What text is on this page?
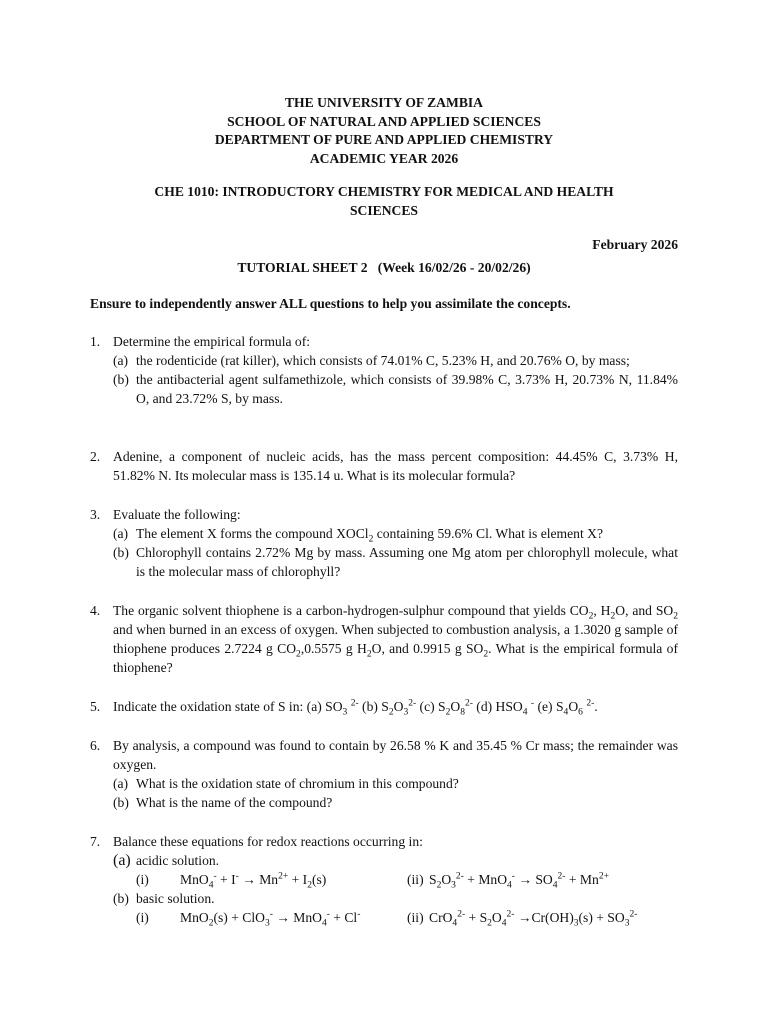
THE UNIVERSITY OF ZAMBIA
SCHOOL OF NATURAL AND APPLIED SCIENCES
DEPARTMENT OF PURE AND APPLIED CHEMISTRY
ACADEMIC YEAR 2026
CHE 1010: INTRODUCTORY CHEMISTRY FOR MEDICAL AND HEALTH
SCIENCES
February 2026
TUTORIAL SHEET 2   (Week 16/02/26 - 20/02/26)
Ensure to independently answer ALL questions to help you assimilate the concepts.
1. Determine the empirical formula of:
(a) the rodenticide (rat killer), which consists of 74.01% C, 5.23% H, and 20.76% O, by mass;
(b) the antibacterial agent sulfamethizole, which consists of 39.98% C, 3.73% H, 20.73% N, 11.84% O, and 23.72% S, by mass.
2. Adenine, a component of nucleic acids, has the mass percent composition: 44.45% C, 3.73% H, 51.82% N. Its molecular mass is 135.14 u. What is its molecular formula?
3. Evaluate the following:
(a) The element X forms the compound XOCl$_2$ containing 59.6% Cl. What is element X?
(b) Chlorophyll contains 2.72% Mg by mass. Assuming one Mg atom per chlorophyll molecule, what is the molecular mass of chlorophyll?
4. The organic solvent thiophene is a carbon-hydrogen-sulphur compound that yields $CO_2$, $H_2O$, and $SO_2$ and when burned in an excess of oxygen. When subjected to combustion analysis, a 1.3020 g sample of thiophene produces 2.7224 g $CO_2,0.5575$ g $H_2O$, and 0.9915 g $SO_2$. What is the empirical formula of thiophene?
5. Indicate the oxidation state of S in: (a) $SO_3$ $^{2-}$ (b) $S_2O_3^{2-}$ (c) $S_2O_8^{2-}$ (d) $HSO_4$ - (e) $S_4O_6$ $^{2-}$.
6. By analysis, a compound was found to contain by 26.58 % K and 35.45 % Cr mass; the remainder was oxygen.
(a) What is the oxidation state of chromium in this compound?
(b) What is the name of the compound?
7. Balance these equations for redox reactions occurring in:
(a) acidic solution.
(i) $MnO_4^- + I^- \to Mn^{2+} + I_2(s)$	(ii) $S_2O_3^{2-} + MnO_4^- \to SO_4^{2-} + Mn^{2+}$
(b) basic solution.
(i) MnO$_2$(s) + ClO$_3$- → MnO$_4$- + Cl-	(ii) $CrO_4^{2-} + S_2O_4^{2-} \to Cr(OH)_3(s) + SO_3^{2-}$
